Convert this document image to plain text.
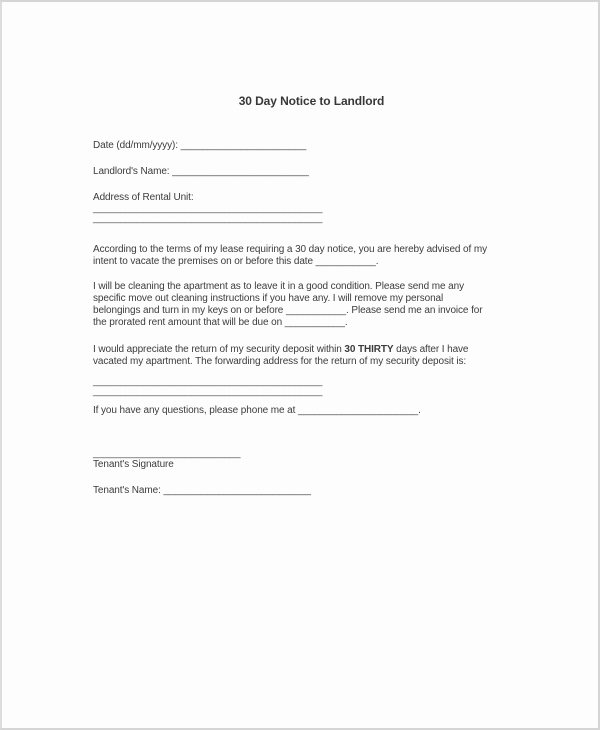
30 Day Notice to Landlord
Date (dd/mm/yyyy): _______________________
Landlord's Name: _________________________
Address of Rental Unit:
__________________________________________
__________________________________________
According to the terms of my lease requiring a 30 day notice, you are hereby advised of my
intent to vacate the premises on or before this date ___________.
I will be cleaning the apartment as to leave it in a good condition. Please send me any
specific move out cleaning instructions if you have any. I will remove my personal
belongings and turn in my keys on or before ___________. Please send me an invoice for
the prorated rent amount that will be due on ___________.
I would appreciate the return of my security deposit within 30 THIRTY days after I have
vacated my apartment. The forwarding address for the return of my security deposit is:
__________________________________________
__________________________________________
If you have any questions, please phone me at ______________________.
___________________________
Tenant's Signature
Tenant's Name: ___________________________
